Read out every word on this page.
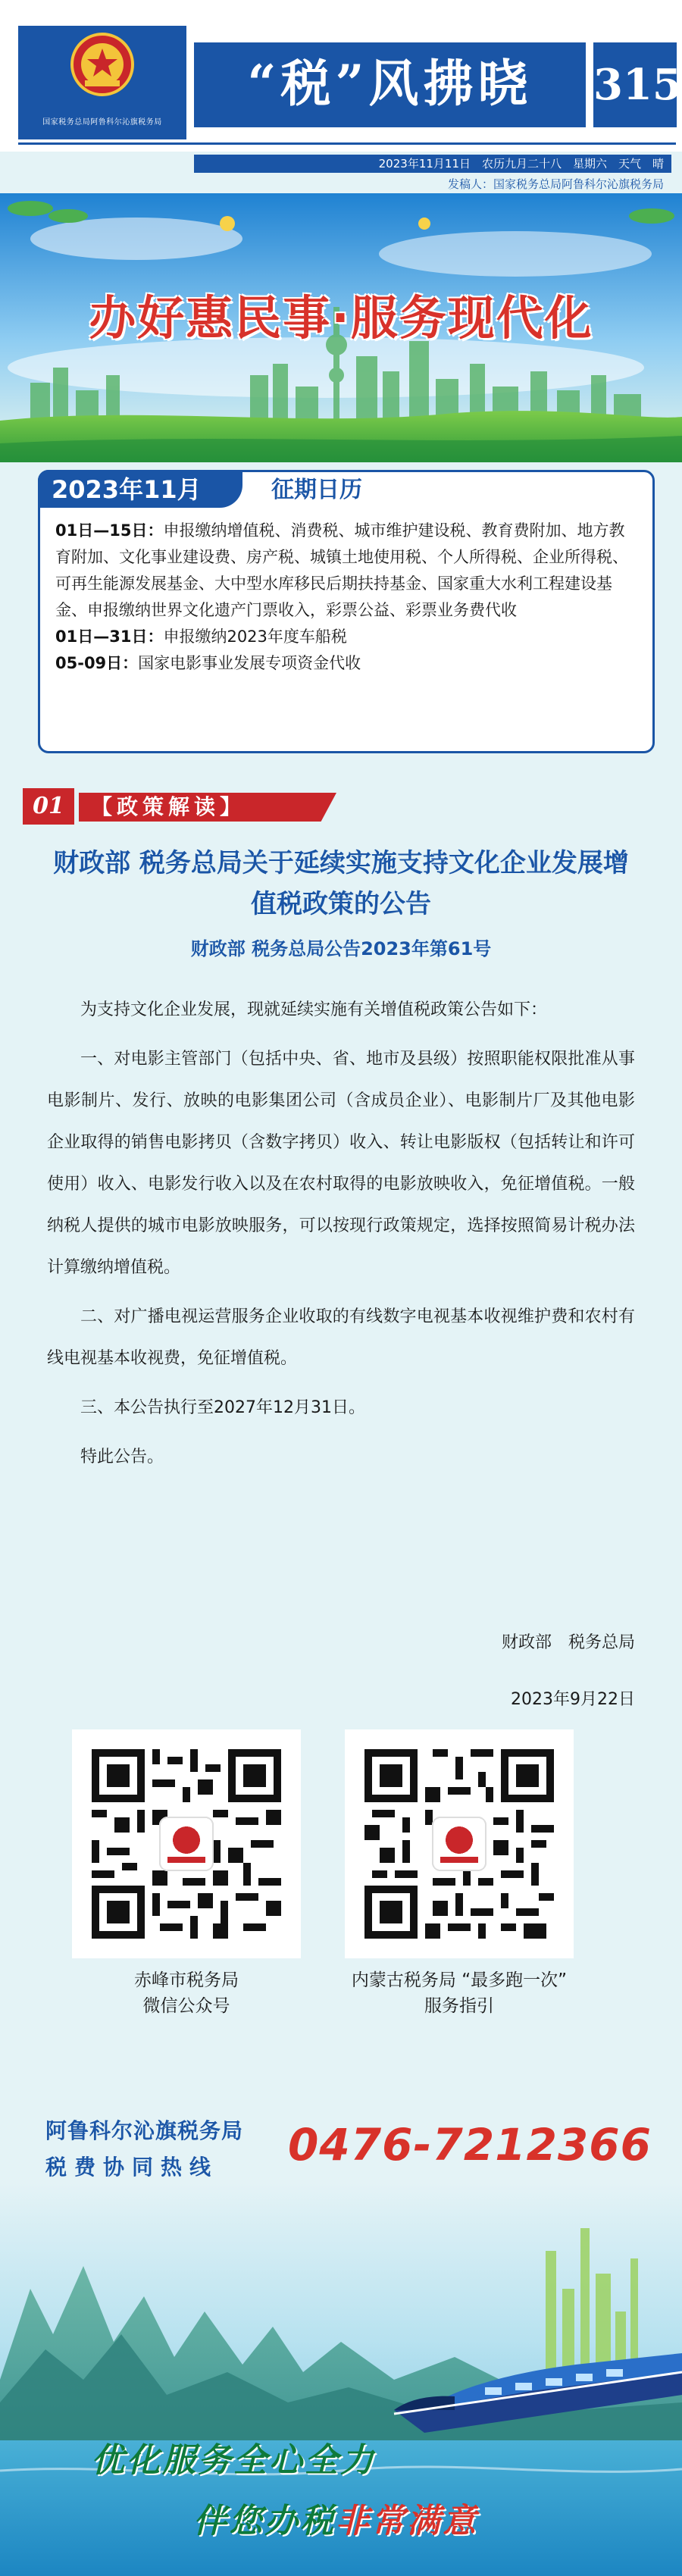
国家税务总局阿鲁科尔沁旗税务局
“税”风拂晓	315
2023年11月11日　农历九月二十八　星期六　天气　晴
发稿人：国家税务总局阿鲁科尔沁旗税务局
办好惠民事·服务现代化
2023年11月	征期日历
01日—15日：申报缴纳增值税、消费税、城市维护建设税、教育费附加、地方教育附加、文化事业建设费、房产税、城镇土地使用税、个人所得税、企业所得税、可再生能源发展基金、大中型水库移民后期扶持基金、国家重大水利工程建设基金、申报缴纳世界文化遗产门票收入，彩票公益、彩票业务费代收
01日—31日：申报缴纳2023年度车船税
05-09日：国家电影事业发展专项资金代收
01	【政策解读】
财政部 税务总局关于延续实施支持文化企业发展增值税政策的公告
财政部 税务总局公告2023年第61号

为支持文化企业发展，现就延续实施有关增值税政策公告如下：

一、对电影主管部门（包括中央、省、地市及县级）按照职能权限批准从事电影制片、发行、放映的电影集团公司（含成员企业）、电影制片厂及其他电影企业取得的销售电影拷贝（含数字拷贝）收入、转让电影版权（包括转让和许可使用）收入、电影发行收入以及在农村取得的电影放映收入，免征增值税。一般纳税人提供的城市电影放映服务，可以按现行政策规定，选择按照简易计税办法计算缴纳增值税。

二、对广播电视运营服务企业收取的有线数字电视基本收视维护费和农村有线电视基本收视费，免征增值税。

三、本公告执行至2027年12月31日。

特此公告。

财政部　税务总局
2023年9月22日
赤峰市税务局
微信公众号
内蒙古税务局 “最多跑一次”
服务指引
阿鲁科尔沁旗税务局
税费协同热线 0476-7212366
优化服务全心全力
伴您办税非常满意
